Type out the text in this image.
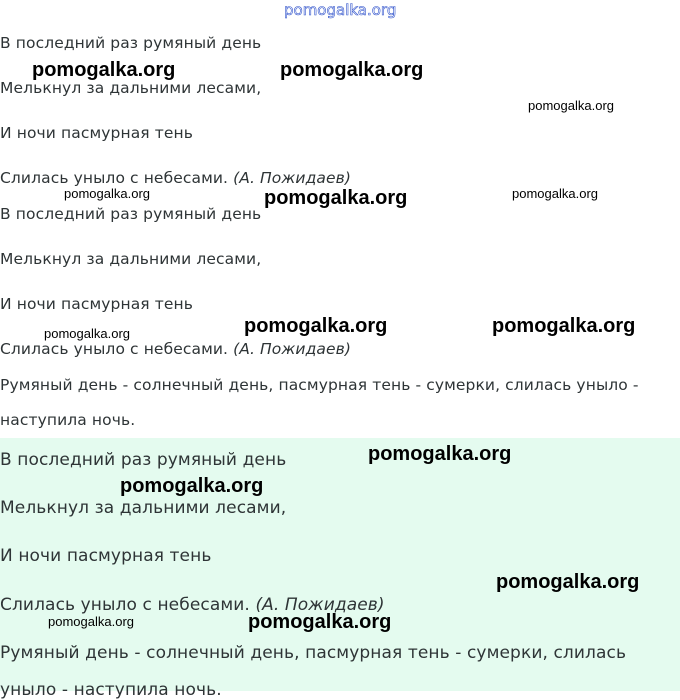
pomogalka.org
В последний раз румяный день
Мелькнул за дальними лесами,
И ночи пасмурная тень
Слилась уныло с небесами. (А. Пожидаев)
В последний раз румяный день
Мелькнул за дальними лесами,
И ночи пасмурная тень
Слилась уныло с небесами. (А. Пожидаев)
Румяный день - солнечный день, пасмурная тень - сумерки, слилась уныло -
наступила ночь.
В последний раз румяный день
Мелькнул за дальними лесами,
И ночи пасмурная тень
Слилась уныло с небесами. (А. Пожидаев)
Румяный день - солнечный день, пасмурная тень - сумерки, слилась
уныло - наступила ночь.
pomogalka.org	pomogalka.org
pomogalka.org
pomogalka.org	pomogalka.org	pomogalka.org
pomogalka.org	pomogalka.org	pomogalka.org
pomogalka.org
pomogalka.org
pomogalka.org
pomogalka.org	pomogalka.org
